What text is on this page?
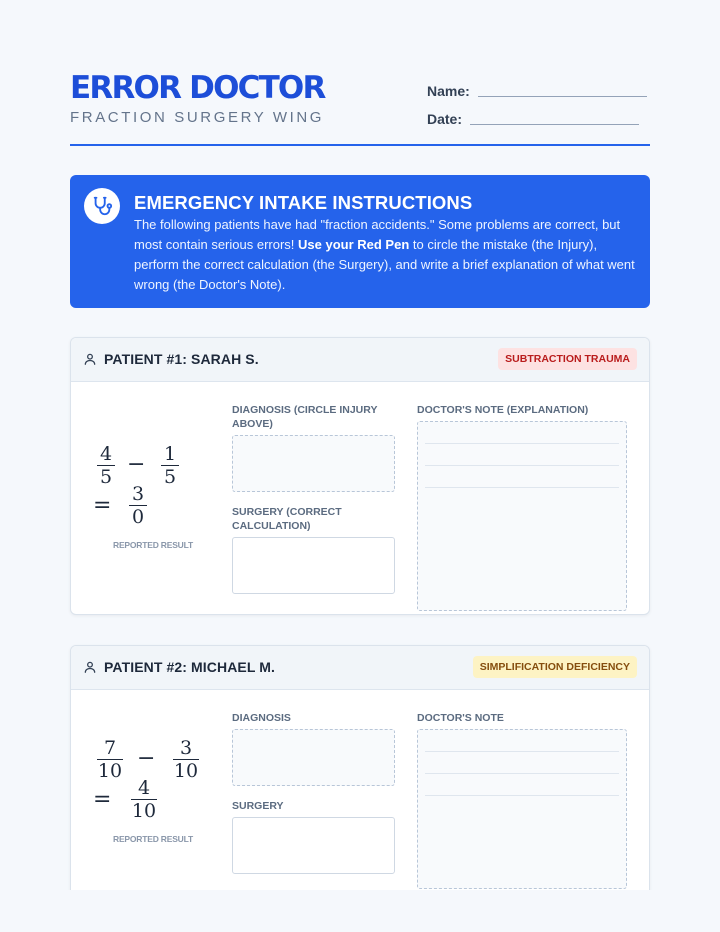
ERROR DOCTOR
FRACTION SURGERY WING
Name:
Date:
EMERGENCY INTAKE INSTRUCTIONS
The following patients have had "fraction accidents." Some problems are correct, but most contain serious errors! Use your Red Pen to circle the mistake (the Injury), perform the correct calculation (the Surgery), and write a brief explanation of what went wrong (the Doctor's Note).
PATIENT #1: SARAH S.	SUBTRACTION TRAUMA
4
5 − 1
5
= 3
0
REPORTED RESULT
DIAGNOSIS (CIRCLE INJURY ABOVE)
SURGERY (CORRECT CALCULATION)
DOCTOR'S NOTE (EXPLANATION)
PATIENT #2: MICHAEL M.	SIMPLIFICATION DEFICIENCY
7
10 − 3
10
= 4
10
REPORTED RESULT
DIAGNOSIS
SURGERY
DOCTOR'S NOTE
